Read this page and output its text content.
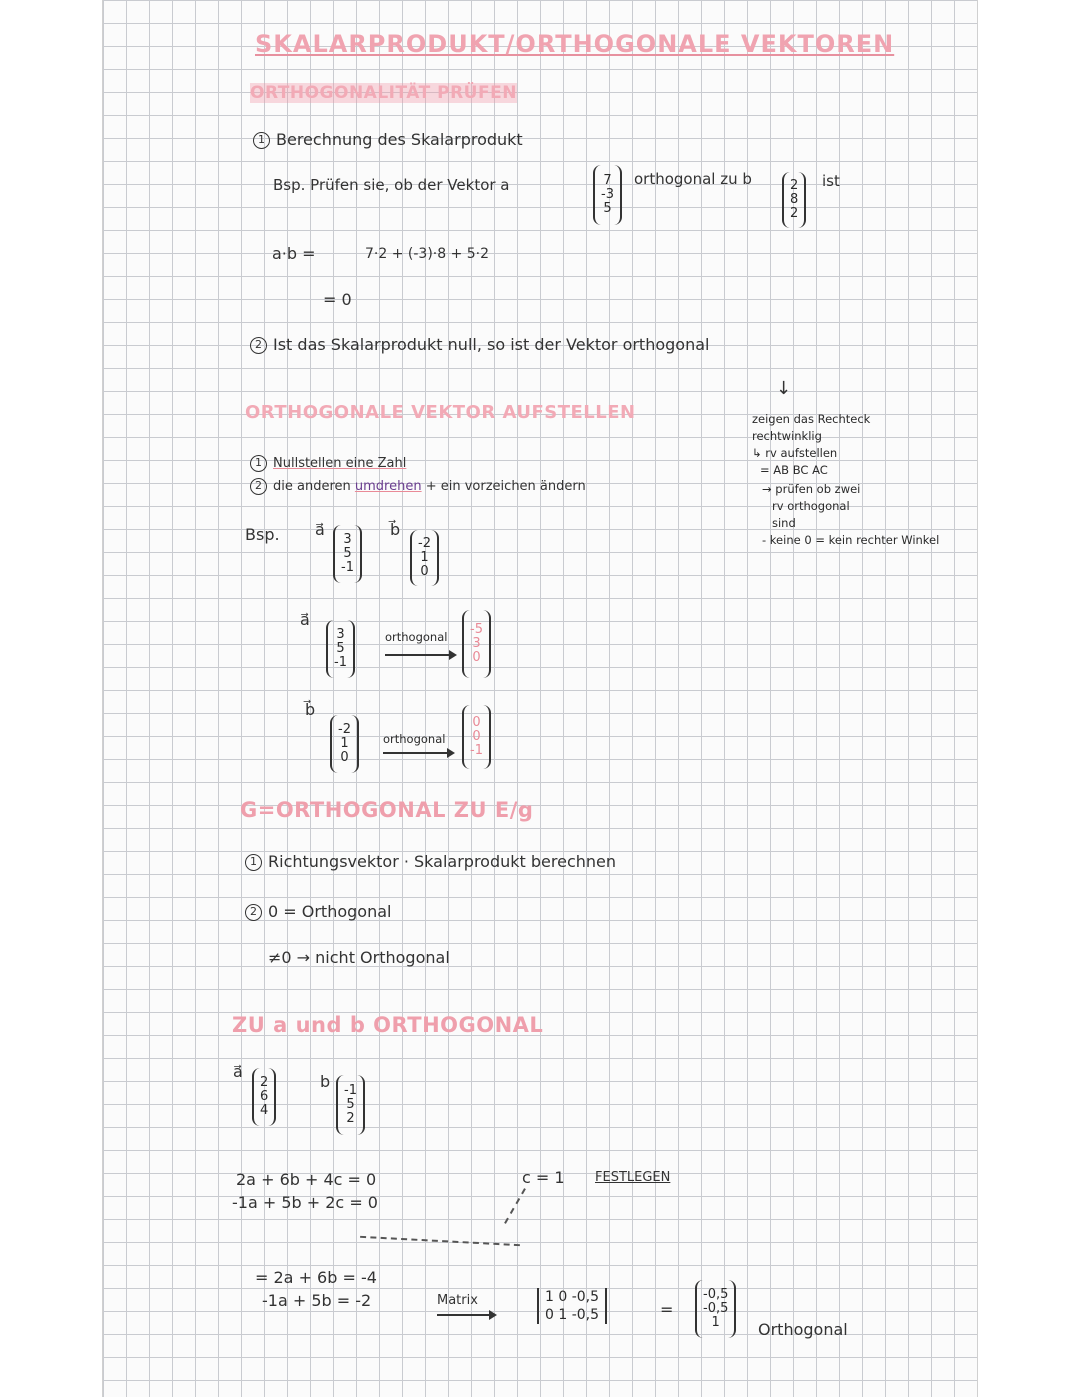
SKALARPRODUKT/ORTHOGONALE VEKTOREN
ORTHOGONALITÄT PRÜFEN
1 Berechnung des Skalarprodukt
Bsp. Prüfen sie, ob der Vektor a	7
-3
5
orthogonal zu b	2
8
2
ist
a·b =	7·2 + (-3)·8 + 5·2
= 0
2 Ist das Skalarprodukt null, so ist der Vektor orthogonal
↓
zeigen das Rechteck
rechtwinklig
↳ rv aufstellen
= AB BC AC
→ prüfen ob zwei
rv orthogonal
sind
- keine 0 = kein rechter Winkel
ORTHOGONALE VEKTOR AUFSTELLEN
1 Nullstellen eine Zahl
2 die anderen umdrehen + ein vorzeichen ändern
Bsp. a⃗
3
5
-1
b⃗
-2
1
0
a⃗
3
5
-1
orthogonal -5
3
0
b⃗
-2
1
0
orthogonal
0
0
-1
G=ORTHOGONAL ZU E/g
1 Richtungsvektor · Skalarprodukt berechnen
2 0 = Orthogonal
≠0 → nicht Orthogonal
ZU a und b ORTHOGONAL
a⃗
2
6
4
b -1
5
2
2a + 6b + 4c = 0
-1a + 5b + 2c = 0
c = 1 FESTLEGEN
= 2a + 6b = -4
-1a + 5b = -2	Matrix	1 0 -0,5
0 1 -0,5	=
-0,5
-0,5
1 Orthogonal
